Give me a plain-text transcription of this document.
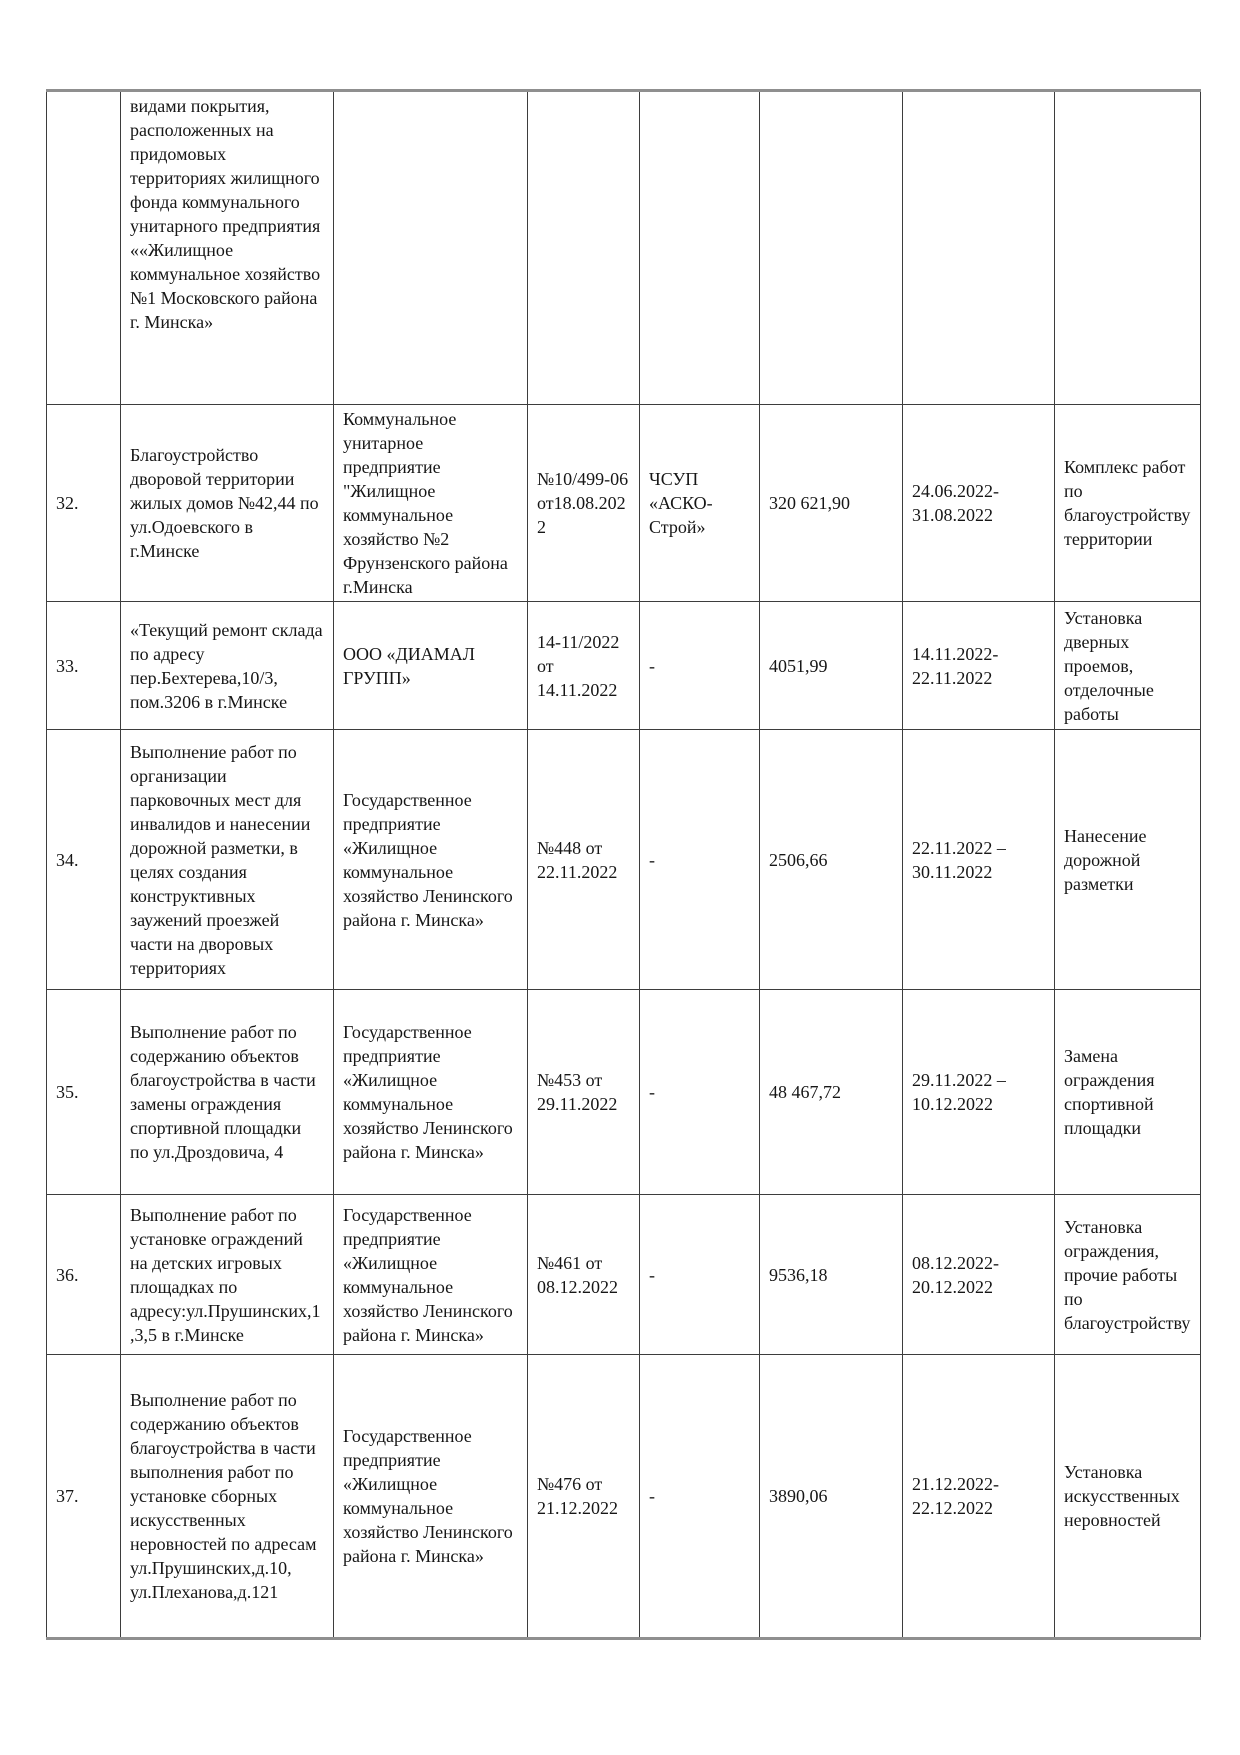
	видами покрытия, расположенных на придомовых территориях жилищного фонда коммунального унитарного предприятия ««Жилищное коммунальное хозяйство №1 Московского района г. Минска»						
32.	Благоустройство дворовой территории жилых домов №42,44 по ул.Одоевского в г.Минске	Коммунальное унитарное предприятие "Жилищное коммунальное хозяйство №2 Фрунзенского района г.Минска	№10/499-06 от18.08.2022	ЧСУП «АСКО-Строй»	320 621,90	24.06.2022-31.08.2022	Комплекс работ по благоустройству территории
33.	«Текущий ремонт склада по адресу пер.Бехтерева,10/3, пом.3206 в г.Минске	ООО «ДИАМАЛ ГРУПП»	14-11/2022 от 14.11.2022	-	4051,99	14.11.2022-22.11.2022	Установка дверных проемов, отделочные работы
34.	Выполнение работ по организации парковочных мест для инвалидов и нанесении дорожной разметки, в целях создания конструктивных заужений проезжей части на дворовых территориях	Государственное предприятие «Жилищное коммунальное хозяйство Ленинского района г. Минска»	№448 от 22.11.2022	-	2506,66	22.11.2022 – 30.11.2022	Нанесение дорожной разметки
35.	Выполнение работ по содержанию объектов благоустройства в части замены ограждения спортивной площадки по ул.Дроздовича, 4	Государственное предприятие «Жилищное коммунальное хозяйство Ленинского района г. Минска»	№453 от 29.11.2022	-	48 467,72	29.11.2022 – 10.12.2022	Замена ограждения спортивной площадки
36.	Выполнение работ по установке ограждений на детских игровых площадках по адресу:ул.Прушинских,1,3,5 в г.Минске	Государственное предприятие «Жилищное коммунальное хозяйство Ленинского района г. Минска»	№461 от 08.12.2022	-	9536,18	08.12.2022-20.12.2022	Установка ограждения, прочие работы по благоустройству
37.	Выполнение работ по содержанию объектов благоустройства в части выполнения работ по установке сборных искусственных неровностей по адресам ул.Прушинских,д.10, ул.Плеханова,д.121	Государственное предприятие «Жилищное коммунальное хозяйство Ленинского района г. Минска»	№476 от 21.12.2022	-	3890,06	21.12.2022-22.12.2022	Установка искусственных неровностей
